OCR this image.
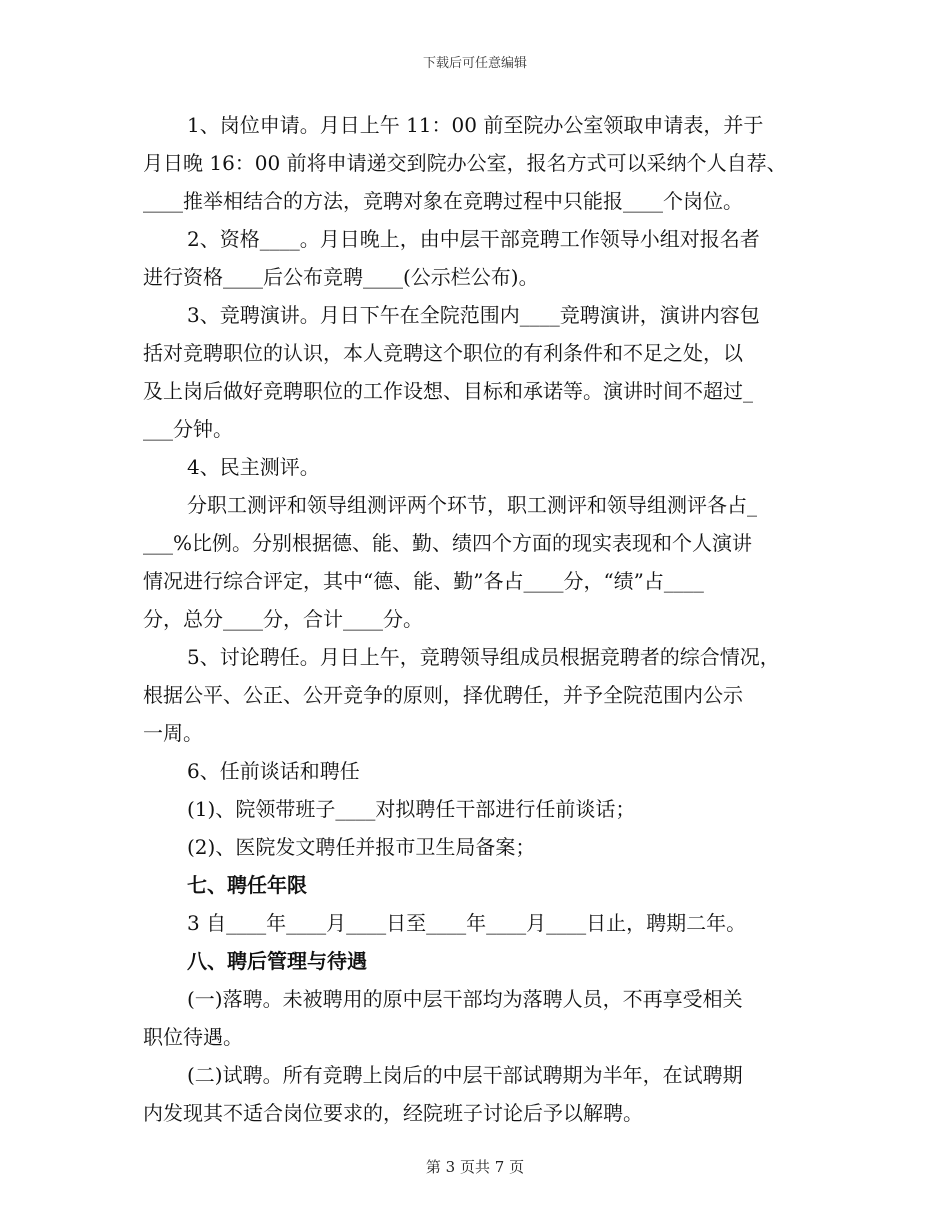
下载后可任意编辑
1、岗位申请。月日上午 11：00 前至院办公室领取申请表，并于
月日晚 16：00 前将申请递交到院办公室，报名方式可以采纳个人自荐、
____推举相结合的方法，竞聘对象在竞聘过程中只能报____个岗位。
2、资格____。月日晚上，由中层干部竞聘工作领导小组对报名者
进行资格____后公布竞聘____(公示栏公布)。
3、竞聘演讲。月日下午在全院范围内____竞聘演讲，演讲内容包
括对竞聘职位的认识，本人竞聘这个职位的有利条件和不足之处，以
及上岗后做好竞聘职位的工作设想、目标和承诺等。演讲时间不超过_
___分钟。
4、民主测评。
分职工测评和领导组测评两个环节，职工测评和领导组测评各占_
___%比例。分别根据德、能、勤、绩四个方面的现实表现和个人演讲
情况进行综合评定，其中“德、能、勤”各占____分，“绩”占____
分，总分____分，合计____分。
5、讨论聘任。月日上午，竞聘领导组成员根据竞聘者的综合情况，
根据公平、公正、公开竞争的原则，择优聘任，并予全院范围内公示
一周。
6、任前谈话和聘任
(1)、院领带班子____对拟聘任干部进行任前谈话；
(2)、医院发文聘任并报市卫生局备案；
七、聘任年限
3 自____年____月____日至____年____月____日止，聘期二年。
八、聘后管理与待遇
(一)落聘。未被聘用的原中层干部均为落聘人员，不再享受相关
职位待遇。
(二)试聘。所有竞聘上岗后的中层干部试聘期为半年，在试聘期
内发现其不适合岗位要求的，经院班子讨论后予以解聘。
第 3 页共 7 页
